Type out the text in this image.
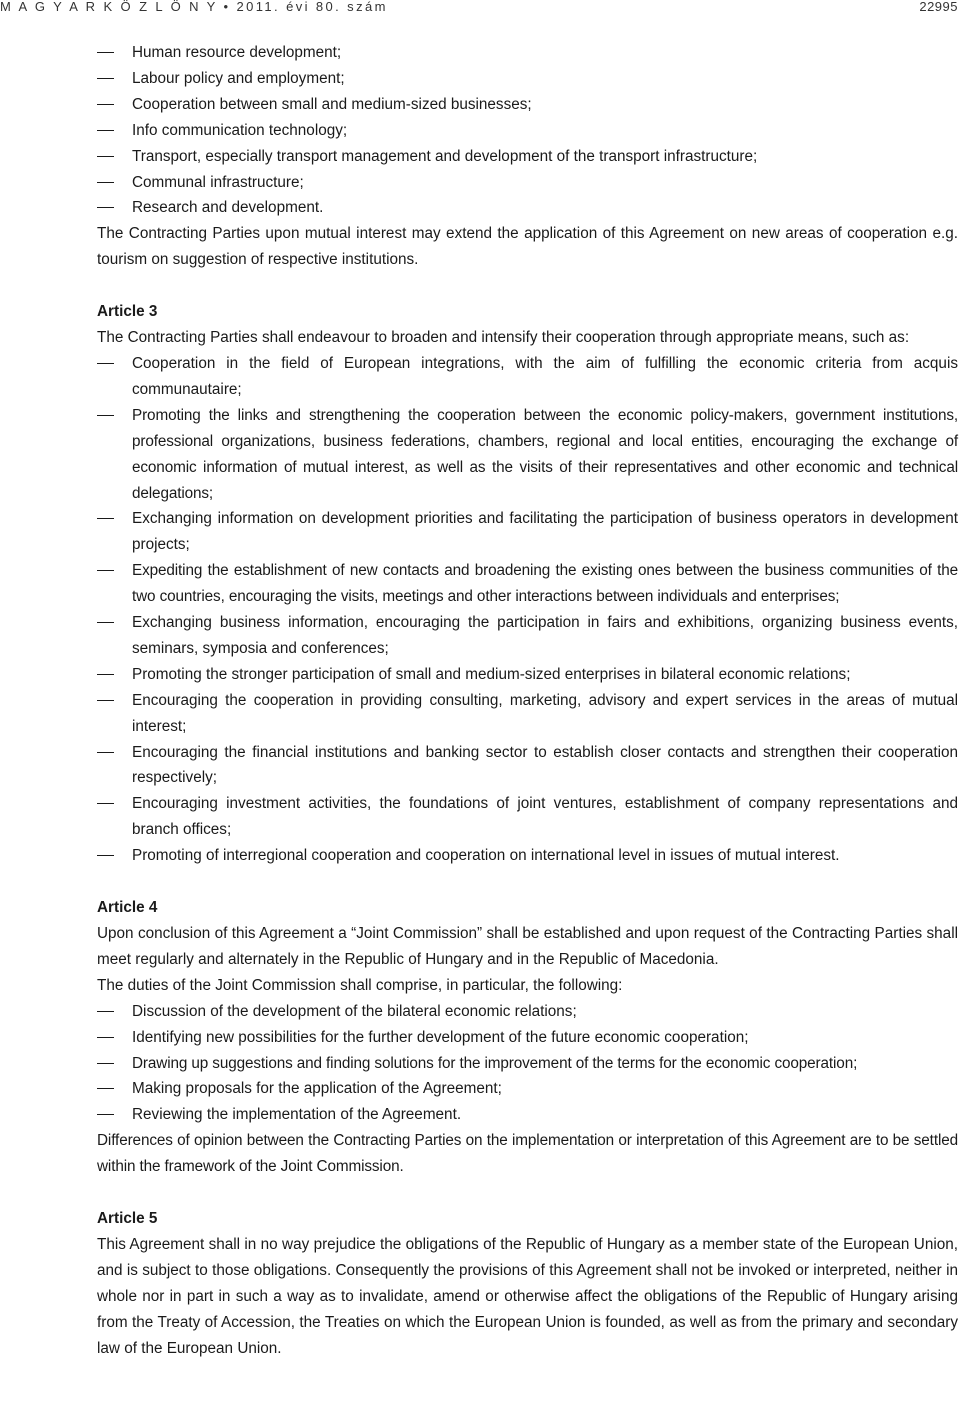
M A G Y A R K Ö Z L Ö N Y • 2011. évi 80. szám	22995
Human resource development;
Labour policy and employment;
Cooperation between small and medium-sized businesses;
Info communication technology;
Transport, especially transport management and development of the transport infrastructure;
Communal infrastructure;
Research and development.
The Contracting Parties upon mutual interest may extend the application of this Agreement on new areas of cooperation e.g. tourism on suggestion of respective institutions.
Article 3
The Contracting Parties shall endeavour to broaden and intensify their cooperation through appropriate means, such as:
Cooperation in the field of European integrations, with the aim of fulfilling the economic criteria from acquis communautaire;
Promoting the links and strengthening the cooperation between the economic policy-makers, government institutions, professional organizations, business federations, chambers, regional and local entities, encouraging the exchange of economic information of mutual interest, as well as the visits of their representatives and other economic and technical delegations;
Exchanging information on development priorities and facilitating the participation of business operators in development projects;
Expediting the establishment of new contacts and broadening the existing ones between the business communities of the two countries, encouraging the visits, meetings and other interactions between individuals and enterprises;
Exchanging business information, encouraging the participation in fairs and exhibitions, organizing business events, seminars, symposia and conferences;
Promoting the stronger participation of small and medium-sized enterprises in bilateral economic relations;
Encouraging the cooperation in providing consulting, marketing, advisory and expert services in the areas of mutual interest;
Encouraging the financial institutions and banking sector to establish closer contacts and strengthen their cooperation respectively;
Encouraging investment activities, the foundations of joint ventures, establishment of company representations and branch offices;
Promoting of interregional cooperation and cooperation on international level in issues of mutual interest.
Article 4
Upon conclusion of this Agreement a “Joint Commission” shall be established and upon request of the Contracting Parties shall meet regularly and alternately in the Republic of Hungary and in the Republic of Macedonia.
The duties of the Joint Commission shall comprise, in particular, the following:
Discussion of the development of the bilateral economic relations;
Identifying new possibilities for the further development of the future economic cooperation;
Drawing up suggestions and finding solutions for the improvement of the terms for the economic cooperation;
Making proposals for the application of the Agreement;
Reviewing the implementation of the Agreement.
Differences of opinion between the Contracting Parties on the implementation or interpretation of this Agreement are to be settled within the framework of the Joint Commission.
Article 5
This Agreement shall in no way prejudice the obligations of the Republic of Hungary as a member state of the European Union, and is subject to those obligations. Consequently the provisions of this Agreement shall not be invoked or interpreted, neither in whole nor in part in such a way as to invalidate, amend or otherwise affect the obligations of the Republic of Hungary arising from the Treaty of Accession, the Treaties on which the European Union is founded, as well as from the primary and secondary law of the European Union.
